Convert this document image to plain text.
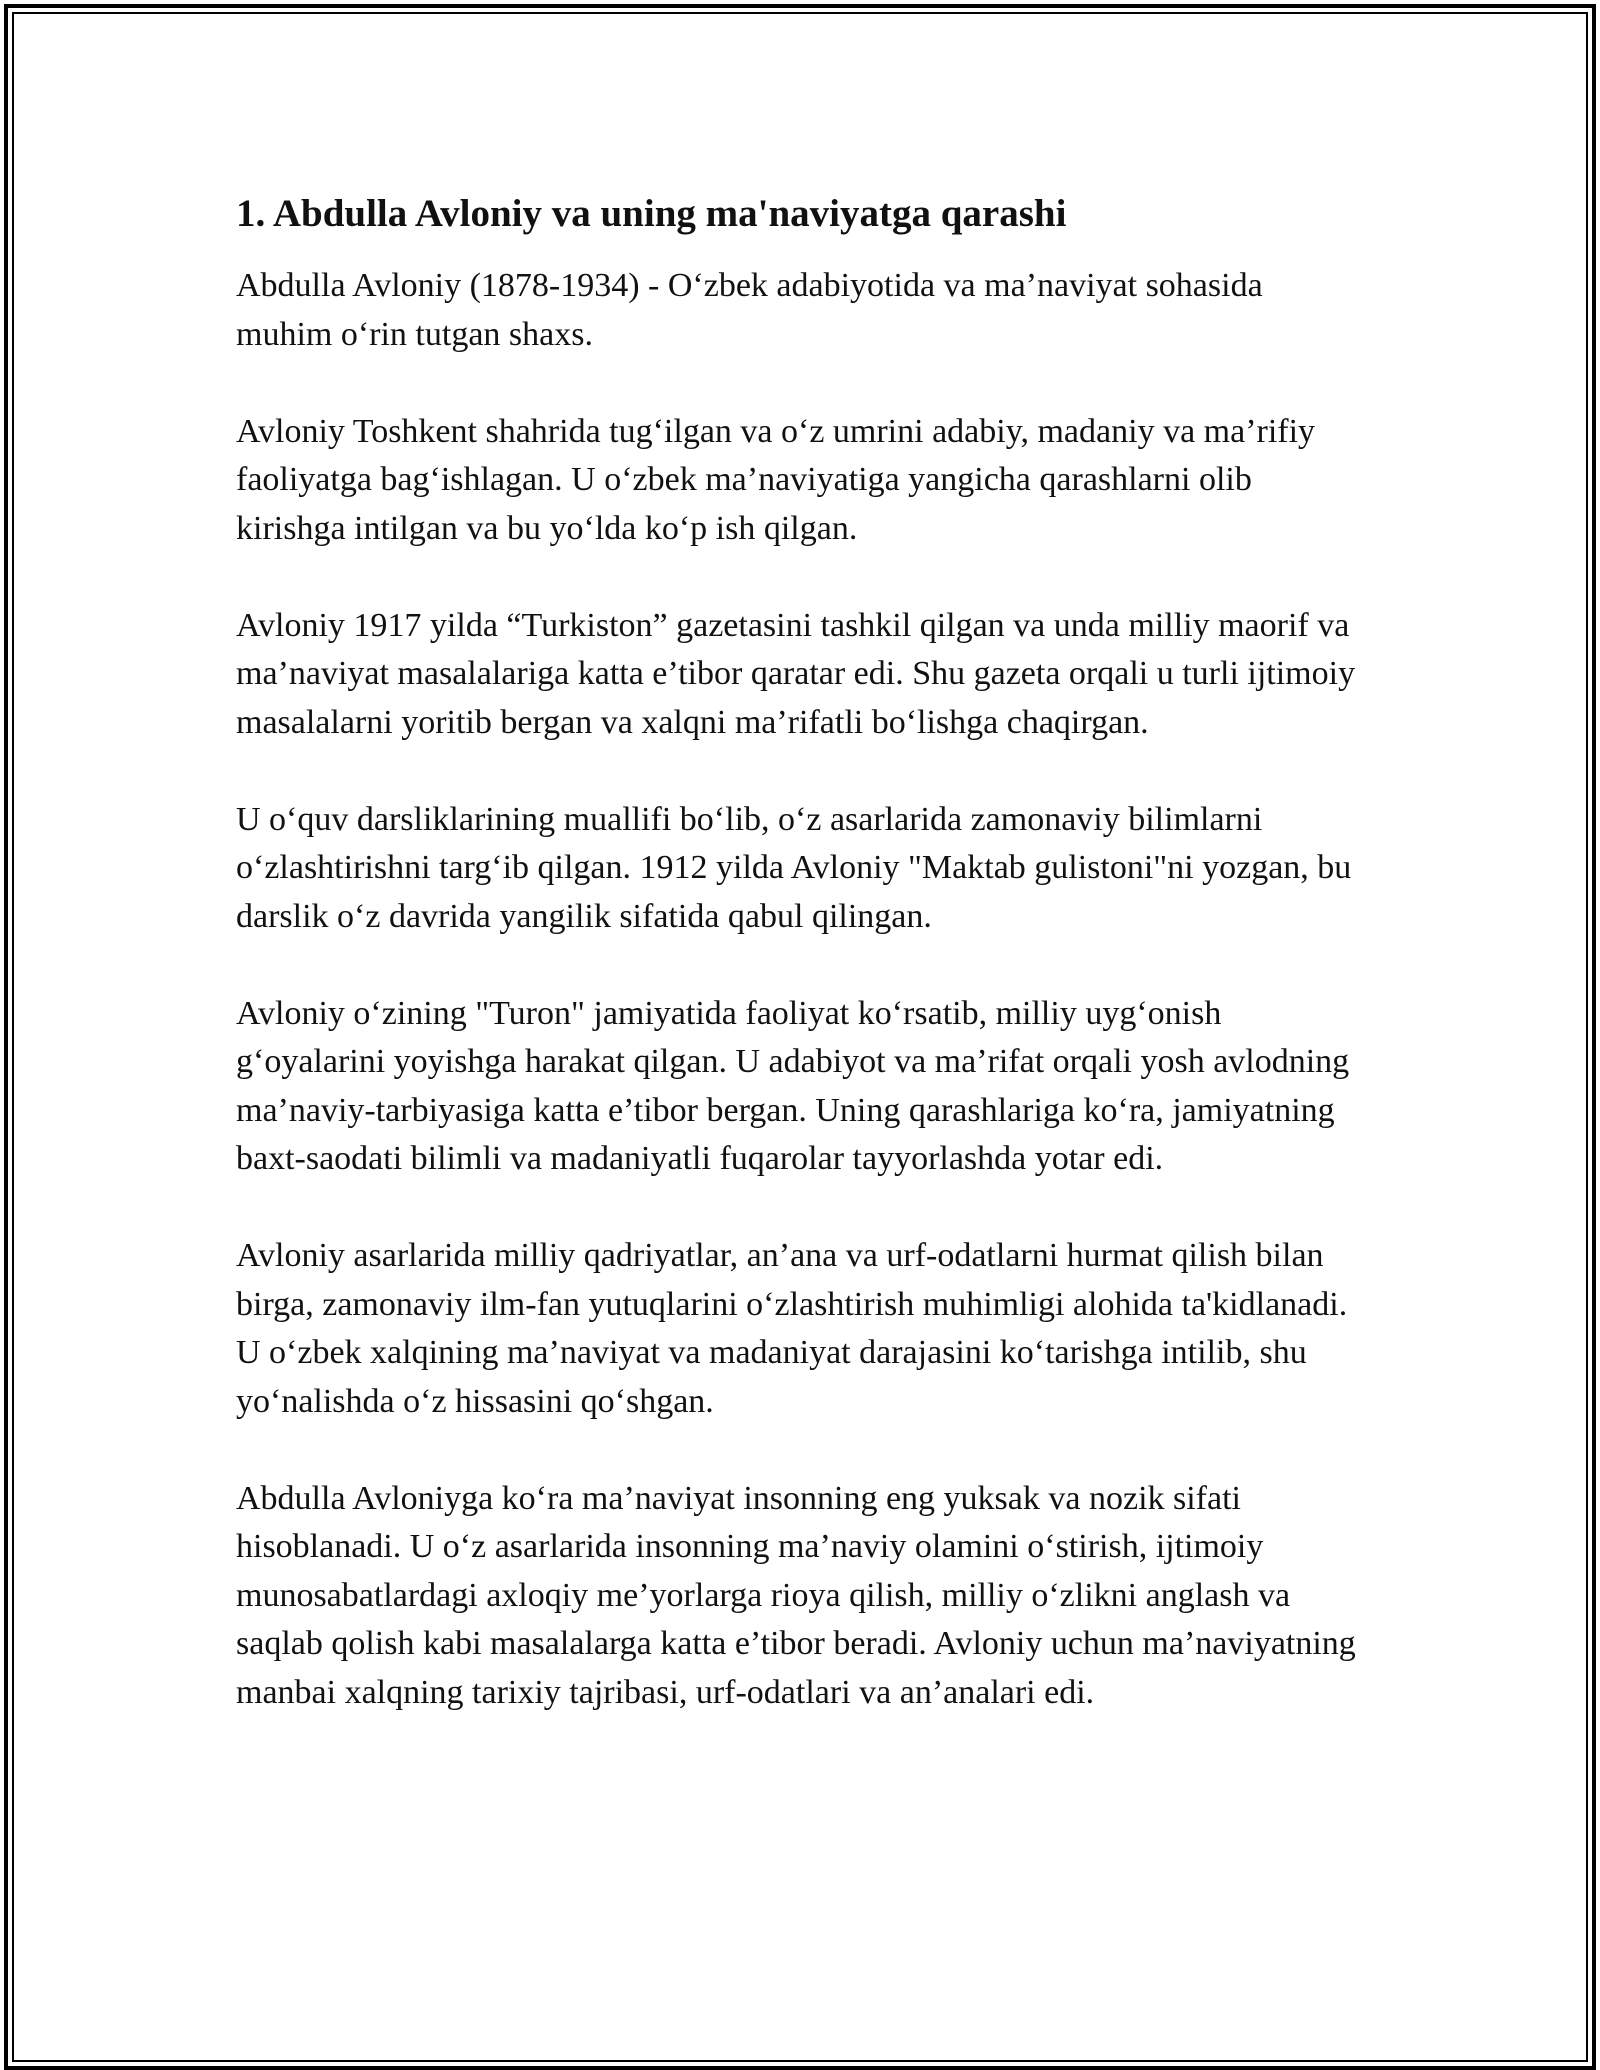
1. Abdulla Avloniy va uning ma'naviyatga qarashi

Abdulla Avloniy (1878-1934) - O‘zbek adabiyotida va ma’naviyat sohasida muhim o‘rin tutgan shaxs.

Avloniy Toshkent shahrida tug‘ilgan va o‘z umrini adabiy, madaniy va ma’rifiy faoliyatga bag‘ishlagan. U o‘zbek ma’naviyatiga yangicha qarashlarni olib kirishga intilgan va bu yo‘lda ko‘p ish qilgan.

Avloniy 1917 yilda “Turkiston” gazetasini tashkil qilgan va unda milliy maorif va ma’naviyat masalalariga katta e’tibor qaratar edi. Shu gazeta orqali u turli ijtimoiy masalalarni yoritib bergan va xalqni ma’rifatli bo‘lishga chaqirgan.

U o‘quv darsliklarining muallifi bo‘lib, o‘z asarlarida zamonaviy bilimlarni o‘zlashtirishni targ‘ib qilgan. 1912 yilda Avloniy "Maktab gulistoni"ni yozgan, bu darslik o‘z davrida yangilik sifatida qabul qilingan.

Avloniy o‘zining "Turon" jamiyatida faoliyat ko‘rsatib, milliy uyg‘onish g‘oyalarini yoyishga harakat qilgan. U adabiyot va ma’rifat orqali yosh avlodning ma’naviy-tarbiyasiga katta e’tibor bergan. Uning qarashlariga ko‘ra, jamiyatning baxt-saodati bilimli va madaniyatli fuqarolar tayyorlashda yotar edi.

Avloniy asarlarida milliy qadriyatlar, an’ana va urf-odatlarni hurmat qilish bilan birga, zamonaviy ilm-fan yutuqlarini o‘zlashtirish muhimligi alohida ta'kidlanadi. U o‘zbek xalqining ma’naviyat va madaniyat darajasini ko‘tarishga intilib, shu yo‘nalishda o‘z hissasini qo‘shgan.

Abdulla Avloniyga ko‘ra ma’naviyat insonning eng yuksak va nozik sifati hisoblanadi. U o‘z asarlarida insonning ma’naviy olamini o‘stirish, ijtimoiy munosabatlardagi axloqiy me’yorlarga rioya qilish, milliy o‘zlikni anglash va saqlab qolish kabi masalalarga katta e’tibor beradi. Avloniy uchun ma’naviyatning manbai xalqning tarixiy tajribasi, urf-odatlari va an’analari edi.
